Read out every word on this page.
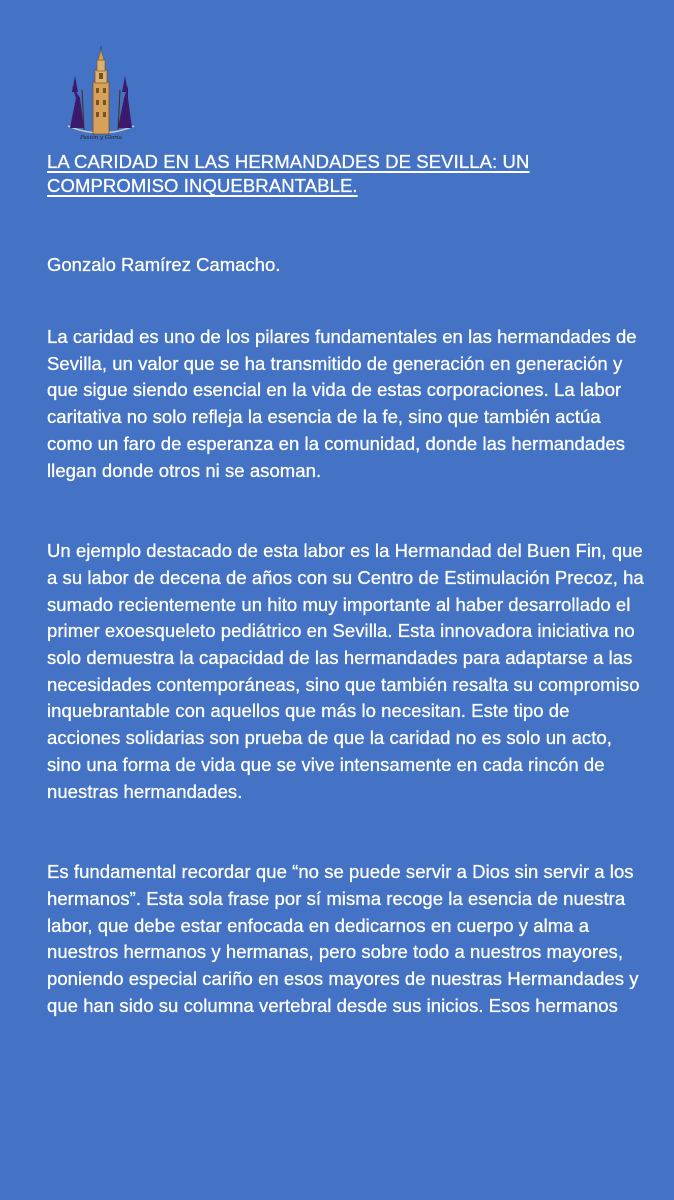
Pasión y Gloria
LA CARIDAD EN LAS HERMANDADES DE SEVILLA: UN
COMPROMISO INQUEBRANTABLE.

Gonzalo Ramírez Camacho.

La caridad es uno de los pilares fundamentales en las hermandades de Sevilla, un valor que se ha transmitido de generación en generación y que sigue siendo esencial en la vida de estas corporaciones. La labor caritativa no solo refleja la esencia de la fe, sino que también actúa como un faro de esperanza en la comunidad, donde las hermandades llegan donde otros ni se asoman.

Un ejemplo destacado de esta labor es la Hermandad del Buen Fin, que a su labor de decena de años con su Centro de Estimulación Precoz, ha sumado recientemente un hito muy importante al haber desarrollado el primer exoesqueleto pediátrico en Sevilla. Esta innovadora iniciativa no solo demuestra la capacidad de las hermandades para adaptarse a las necesidades contemporáneas, sino que también resalta su compromiso inquebrantable con aquellos que más lo necesitan. Este tipo de acciones solidarias son prueba de que la caridad no es solo un acto, sino una forma de vida que se vive intensamente en cada rincón de nuestras hermandades.

Es fundamental recordar que “no se puede servir a Dios sin servir a los hermanos”. Esta sola frase por sí misma recoge la esencia de nuestra labor, que debe estar enfocada en dedicarnos en cuerpo y alma a nuestros hermanos y hermanas, pero sobre todo a nuestros mayores, poniendo especial cariño en esos mayores de nuestras Hermandades y que han sido su columna vertebral desde sus inicios. Esos hermanos
